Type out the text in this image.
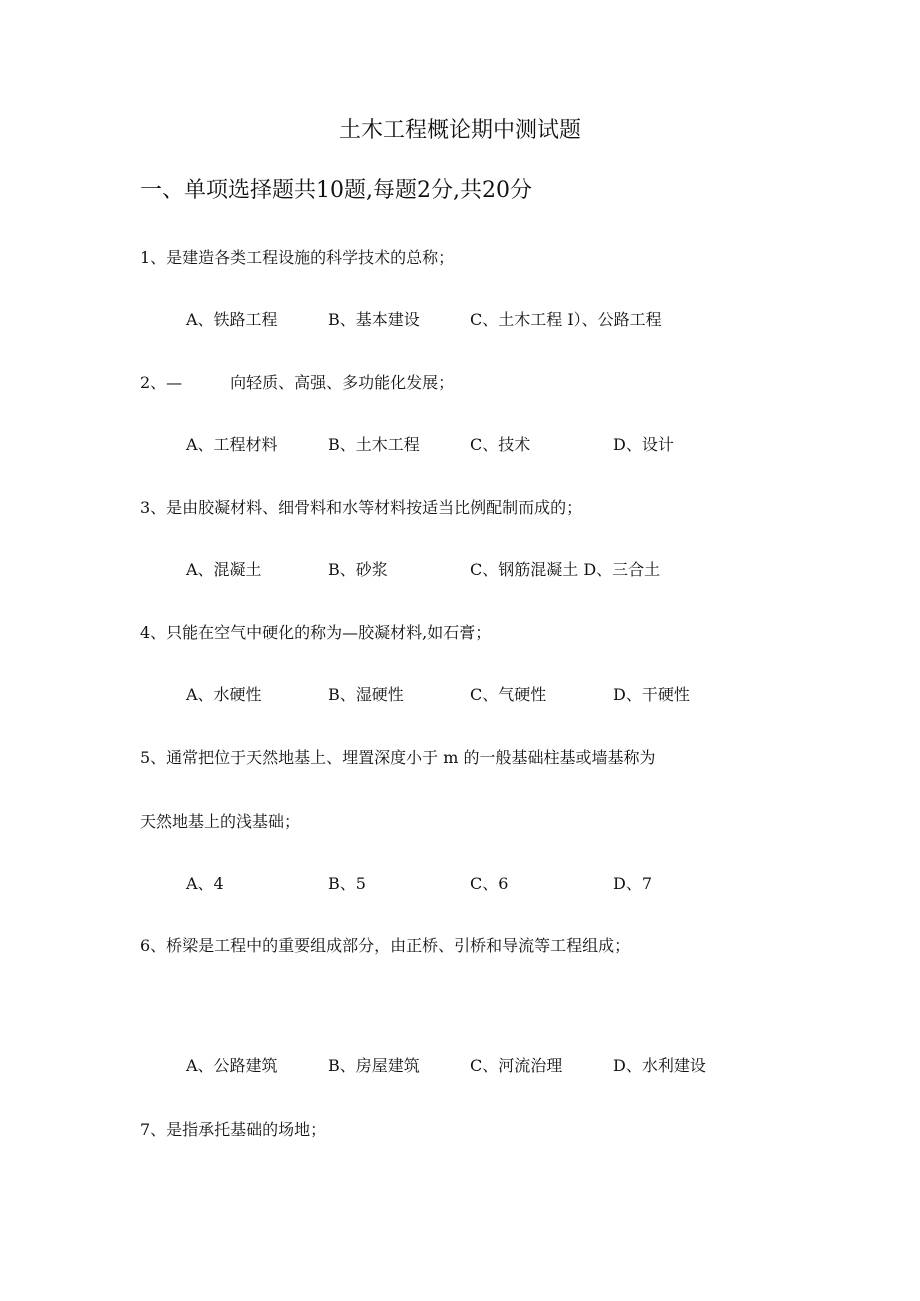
土木工程概论期中测试题
一、单项选择题共10题,每题2分,共20分
1、是建造各类工程设施的科学技术的总称；
A、铁路工程	B、基本建设	C、土木工程 I）、公路工程
2、—　　　向轻质、高强、多功能化发展；
A、工程材料	B、土木工程	C、技术	D、设计
3、是由胶凝材料、细骨料和水等材料按适当比例配制而成的；
A、混凝土	B、砂浆	C、钢筋混凝土 D、三合土
4、只能在空气中硬化的称为—胶凝材料,如石膏；
A、水硬性	B、湿硬性	C、气硬性	D、干硬性
5、通常把位于天然地基上、埋置深度小于 m 的一般基础柱基或墙基称为
天然地基上的浅基础；
A、4	B、5	C、6	D、7
6、桥梁是工程中的重要组成部分，由正桥、引桥和导流等工程组成；
A、公路建筑	B、房屋建筑	C、河流治理	D、水利建设
7、是指承托基础的场地；
